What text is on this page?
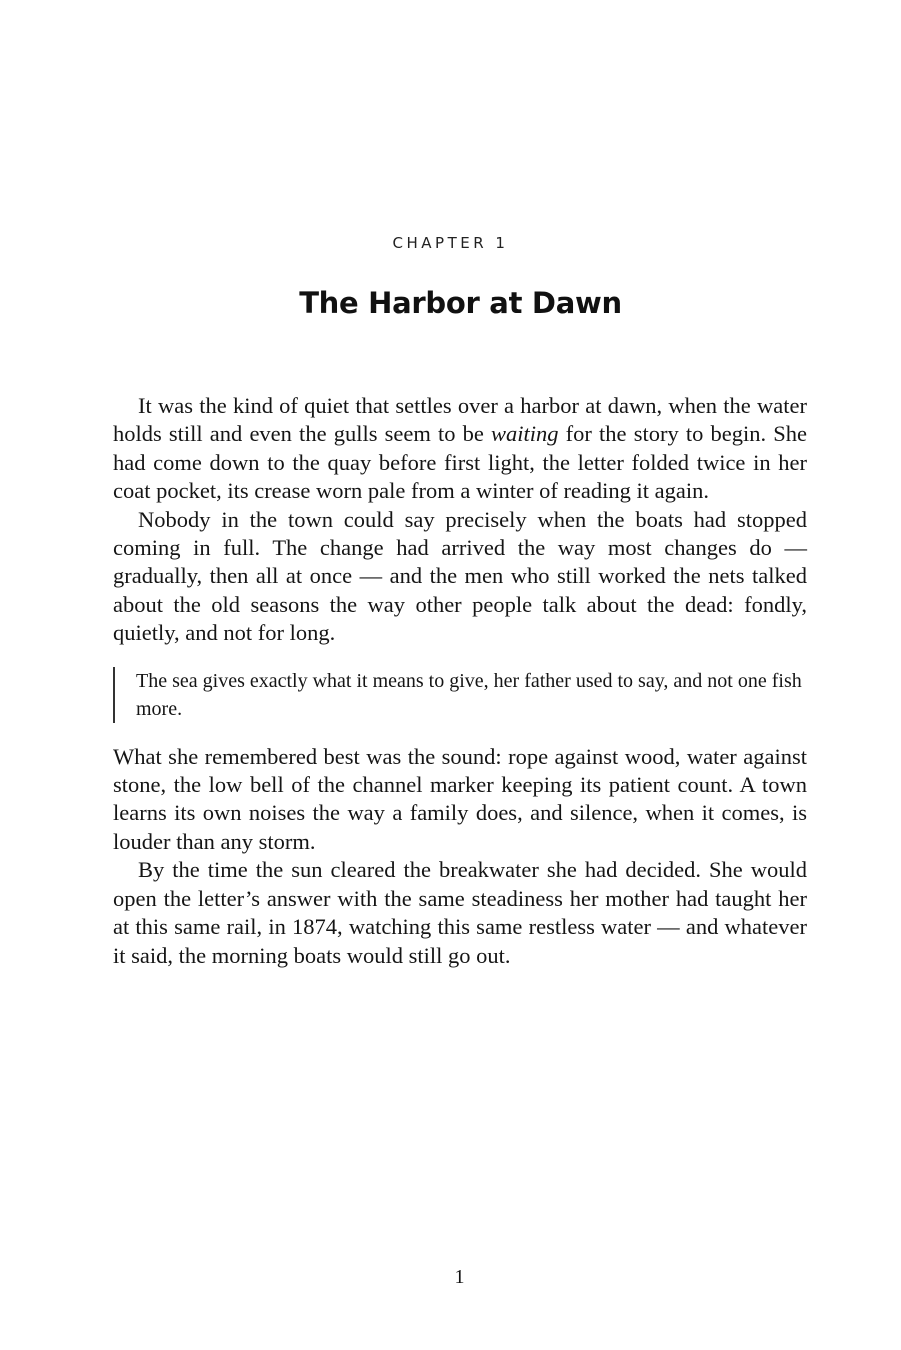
CHAPTER 1
The Harbor at Dawn

It was the kind of quiet that settles over a harbor at dawn, when the water holds still and even the gulls seem to be waiting for the story to begin. She had come down to the quay before first light, the letter folded twice in her coat pocket, its crease worn pale from a winter of reading it again.

Nobody in the town could say precisely when the boats had stopped coming in full. The change had arrived the way most changes do — gradually, then all at once — and the men who still worked the nets talked about the old seasons the way other people talk about the dead: fondly, quietly, and not for long.

The sea gives exactly what it means to give, her father used to say, and not one fish more.

What she remembered best was the sound: rope against wood, water against stone, the low bell of the channel marker keeping its patient count. A town learns its own noises the way a family does, and silence, when it comes, is louder than any storm.

By the time the sun cleared the breakwater she had decided. She would open the letter’s answer with the same steadiness her mother had taught her at this same rail, in 1874, watching this same restless water — and whatever it said, the morning boats would still go out.

1
